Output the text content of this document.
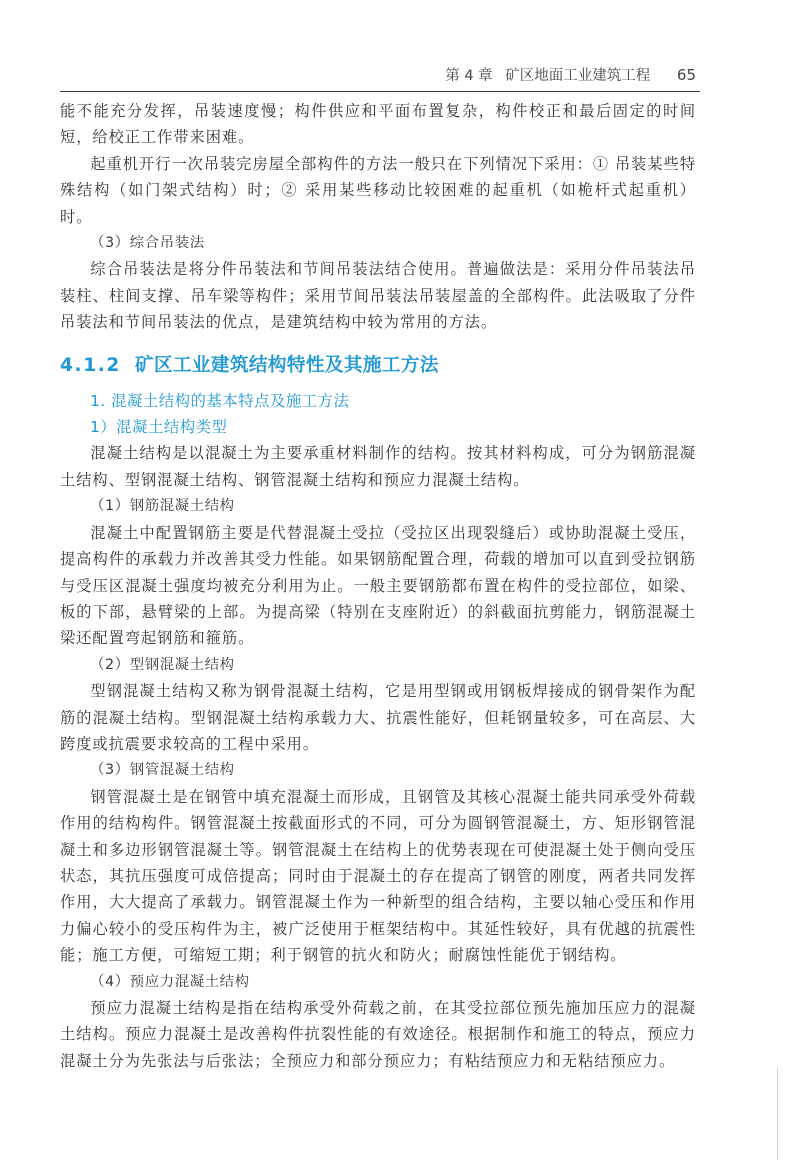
第 4 章 矿区地面工业建筑工程 65

能不能充分发挥，吊装速度慢；构件供应和平面布置复杂，构件校正和最后固定的时间短，给校正工作带来困难。

起重机开行一次吊装完房屋全部构件的方法一般只在下列情况下采用：① 吊装某些特殊结构（如门架式结构）时；② 采用某些移动比较困难的起重机（如桅杆式起重机）时。

（3）综合吊装法

综合吊装法是将分件吊装法和节间吊装法结合使用。普遍做法是：采用分件吊装法吊装柱、柱间支撑、吊车梁等构件；采用节间吊装法吊装屋盖的全部构件。此法吸取了分件吊装法和节间吊装法的优点，是建筑结构中较为常用的方法。

4.1.2 矿区工业建筑结构特性及其施工方法

1. 混凝土结构的基本特点及施工方法

1）混凝土结构类型

混凝土结构是以混凝土为主要承重材料制作的结构。按其材料构成，可分为钢筋混凝土结构、型钢混凝土结构、钢管混凝土结构和预应力混凝土结构。

（1）钢筋混凝土结构

混凝土中配置钢筋主要是代替混凝土受拉（受拉区出现裂缝后）或协助混凝土受压，提高构件的承载力并改善其受力性能。如果钢筋配置合理，荷载的增加可以直到受拉钢筋与受压区混凝土强度均被充分利用为止。一般主要钢筋都布置在构件的受拉部位，如梁、板的下部，悬臂梁的上部。为提高梁（特别在支座附近）的斜截面抗剪能力，钢筋混凝土梁还配置弯起钢筋和箍筋。

（2）型钢混凝土结构

型钢混凝土结构又称为钢骨混凝土结构，它是用型钢或用钢板焊接成的钢骨架作为配筋的混凝土结构。型钢混凝土结构承载力大、抗震性能好，但耗钢量较多，可在高层、大跨度或抗震要求较高的工程中采用。

（3）钢管混凝土结构

钢管混凝土是在钢管中填充混凝土而形成，且钢管及其核心混凝土能共同承受外荷载作用的结构构件。钢管混凝土按截面形式的不同，可分为圆钢管混凝土，方、矩形钢管混凝土和多边形钢管混凝土等。钢管混凝土在结构上的优势表现在可使混凝土处于侧向受压状态，其抗压强度可成倍提高；同时由于混凝土的存在提高了钢管的刚度，两者共同发挥作用，大大提高了承载力。钢管混凝土作为一种新型的组合结构，主要以轴心受压和作用力偏心较小的受压构件为主，被广泛使用于框架结构中。其延性较好，具有优越的抗震性能；施工方便，可缩短工期；利于钢管的抗火和防火；耐腐蚀性能优于钢结构。

（4）预应力混凝土结构

预应力混凝土结构是指在结构承受外荷载之前，在其受拉部位预先施加压应力的混凝土结构。预应力混凝土是改善构件抗裂性能的有效途径。根据制作和施工的特点，预应力混凝土分为先张法与后张法；全预应力和部分预应力；有粘结预应力和无粘结预应力。
